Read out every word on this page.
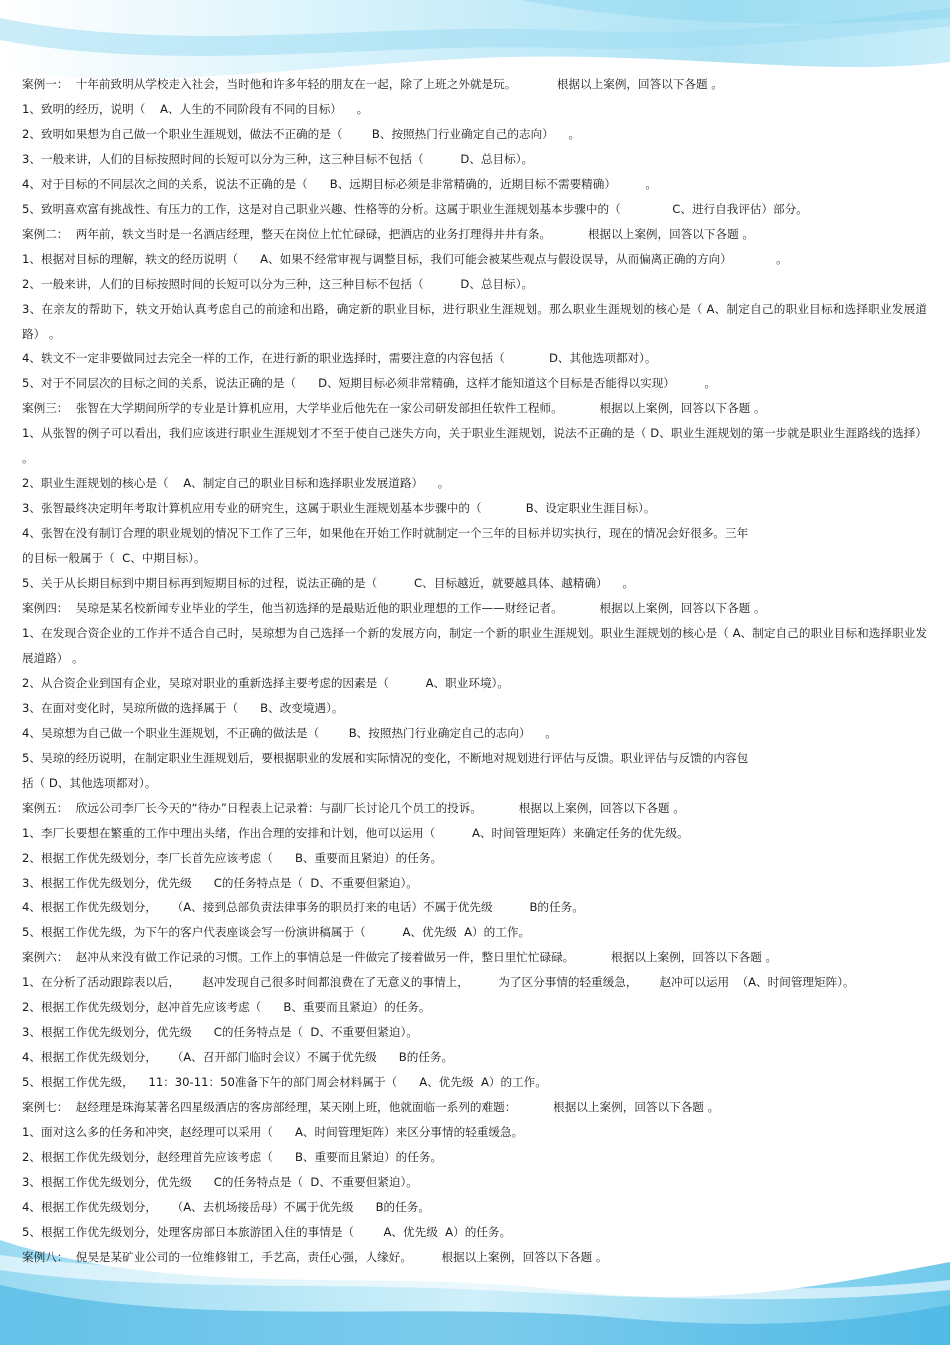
案例一：  十年前致明从学校走入社会，当时他和许多年轻的朋友在一起，除了上班之外就是玩。           根据以上案例，回答以下各题 。
1、致明的经历，说明（    A、人生的不同阶段有不同的目标）    。
2、致明如果想为自己做一个职业生涯规划，做法不正确的是（        B、按照热门行业确定自己的志向）    。
3、一般来讲，人们的目标按照时间的长短可以分为三种，这三种目标不包括（          D、总目标）。
4、对于目标的不同层次之间的关系，说法不正确的是（      B、远期目标必须是非常精确的，近期目标不需要精确）        。
5、致明喜欢富有挑战性、有压力的工作，这是对自己职业兴趣、性格等的分析。这属于职业生涯规划基本步骤中的（              C、进行自我评估）部分。
案例二：  两年前，轶文当时是一名酒店经理，整天在岗位上忙忙碌碌，把酒店的业务打理得井井有条。          根据以上案例，回答以下各题 。
1、根据对目标的理解，轶文的经历说明（      A、如果不经常审视与调整目标，我们可能会被某些观点与假设误导，从而偏离正确的方向）            。
2、一般来讲，人们的目标按照时间的长短可以分为三种，这三种目标不包括（          D、总目标）。
3、在亲友的帮助下，轶文开始认真考虑自己的前途和出路，确定新的职业目标，进行职业生涯规划。那么职业生涯规划的核心是（ A、制定自己的职业目标和选择职业发展道路） 。
4、轶文不一定非要做同过去完全一样的工作，在进行新的职业选择时，需要注意的内容包括（            D、其他选项都对）。
5、对于不同层次的目标之间的关系，说法正确的是（      D、短期目标必须非常精确，这样才能知道这个目标是否能得以实现）        。
案例三：  张智在大学期间所学的专业是计算机应用，大学毕业后他先在一家公司研发部担任软件工程师。          根据以上案例，回答以下各题 。
1、从张智的例子可以看出，我们应该进行职业生涯规划才不至于使自己迷失方向，关于职业生涯规划，说法不正确的是（ D、职业生涯规划的第一步就是职业生涯路线的选择） 。
2、职业生涯规划的核心是（    A、制定自己的职业目标和选择职业发展道路）    。
3、张智最终决定明年考取计算机应用专业的研究生，这属于职业生涯规划基本步骤中的（            B、设定职业生涯目标）。
4、张智在没有制订合理的职业规划的情况下工作了三年，如果他在开始工作时就制定一个三年的目标并切实执行，现在的情况会好很多。三年
的目标一般属于（  C、中期目标）。
5、关于从长期目标到中期目标再到短期目标的过程，说法正确的是（          C、目标越近，就要越具体、越精确）    。
案例四：  吴琼是某名校新闻专业毕业的学生，他当初选择的是最贴近他的职业理想的工作——财经记者。          根据以上案例，回答以下各题 。
1、在发现合资企业的工作并不适合自己时，吴琼想为自己选择一个新的发展方向，制定一个新的职业生涯规划。职业生涯规划的核心是（ A、制定自己的职业目标和选择职业发展道路） 。
2、从合资企业到国有企业，吴琼对职业的重新选择主要考虑的因素是（          A、职业环境）。
3、在面对变化时，吴琼所做的选择属于（      B、改变境遇）。
4、吴琼想为自己做一个职业生涯规划，不正确的做法是（        B、按照热门行业确定自己的志向）    。
5、吴琼的经历说明，在制定职业生涯规划后，要根据职业的发展和实际情况的变化，不断地对规划进行评估与反馈。职业评估与反馈的内容包
括（ D、其他选项都对）。
案例五：  欣远公司李厂长今天的“待办”日程表上记录着：与副厂长讨论几个员工的投诉。          根据以上案例，回答以下各题 。
1、李厂长要想在繁重的工作中理出头绪，作出合理的安排和计划，他可以运用（          A、时间管理矩阵）来确定任务的优先级。
2、根据工作优先级划分，李厂长首先应该考虑（      B、重要而且紧迫）的任务。
3、根据工作优先级划分，优先级      C的任务特点是（  D、不重要但紧迫）。
4、根据工作优先级划分，    （A、接到总部负责法律事务的职员打来的电话）不属于优先级          B的任务。
5、根据工作优先级，为下午的客户代表座谈会写一份演讲稿属于（          A、优先级  A）的工作。
案例六：  赵冲从来没有做工作记录的习惯。工作上的事情总是一件做完了接着做另一件，整日里忙忙碌碌。          根据以上案例，回答以下各题 。
1、在分析了活动跟踪表以后，      赵冲发现自己很多时间都浪费在了无意义的事情上，        为了区分事情的轻重缓急，      赵冲可以运用  （A、时间管理矩阵）。
2、根据工作优先级划分，赵冲首先应该考虑（      B、重要而且紧迫）的任务。
3、根据工作优先级划分，优先级      C的任务特点是（  D、不重要但紧迫）。
4、根据工作优先级划分，    （A、召开部门临时会议）不属于优先级      B的任务。
5、根据工作优先级，    11：30-11：50准备下午的部门周会材料属于（      A、优先级  A）的工作。
案例七：  赵经理是珠海某著名四星级酒店的客房部经理，某天刚上班，他就面临一系列的难题：          根据以上案例，回答以下各题 。
1、面对这么多的任务和冲突，赵经理可以采用（      A、时间管理矩阵）来区分事情的轻重缓急。
2、根据工作优先级划分，赵经理首先应该考虑（      B、重要而且紧迫）的任务。
3、根据工作优先级划分，优先级      C的任务特点是（  D、不重要但紧迫）。
4、根据工作优先级划分，    （A、去机场接岳母）不属于优先级      B的任务。
5、根据工作优先级划分，处理客房部日本旅游团入住的事情是（        A、优先级  A）的任务。
案例八：  倪昊是某矿业公司的一位维修钳工，手艺高，责任心强，人缘好。        根据以上案例，回答以下各题 。
